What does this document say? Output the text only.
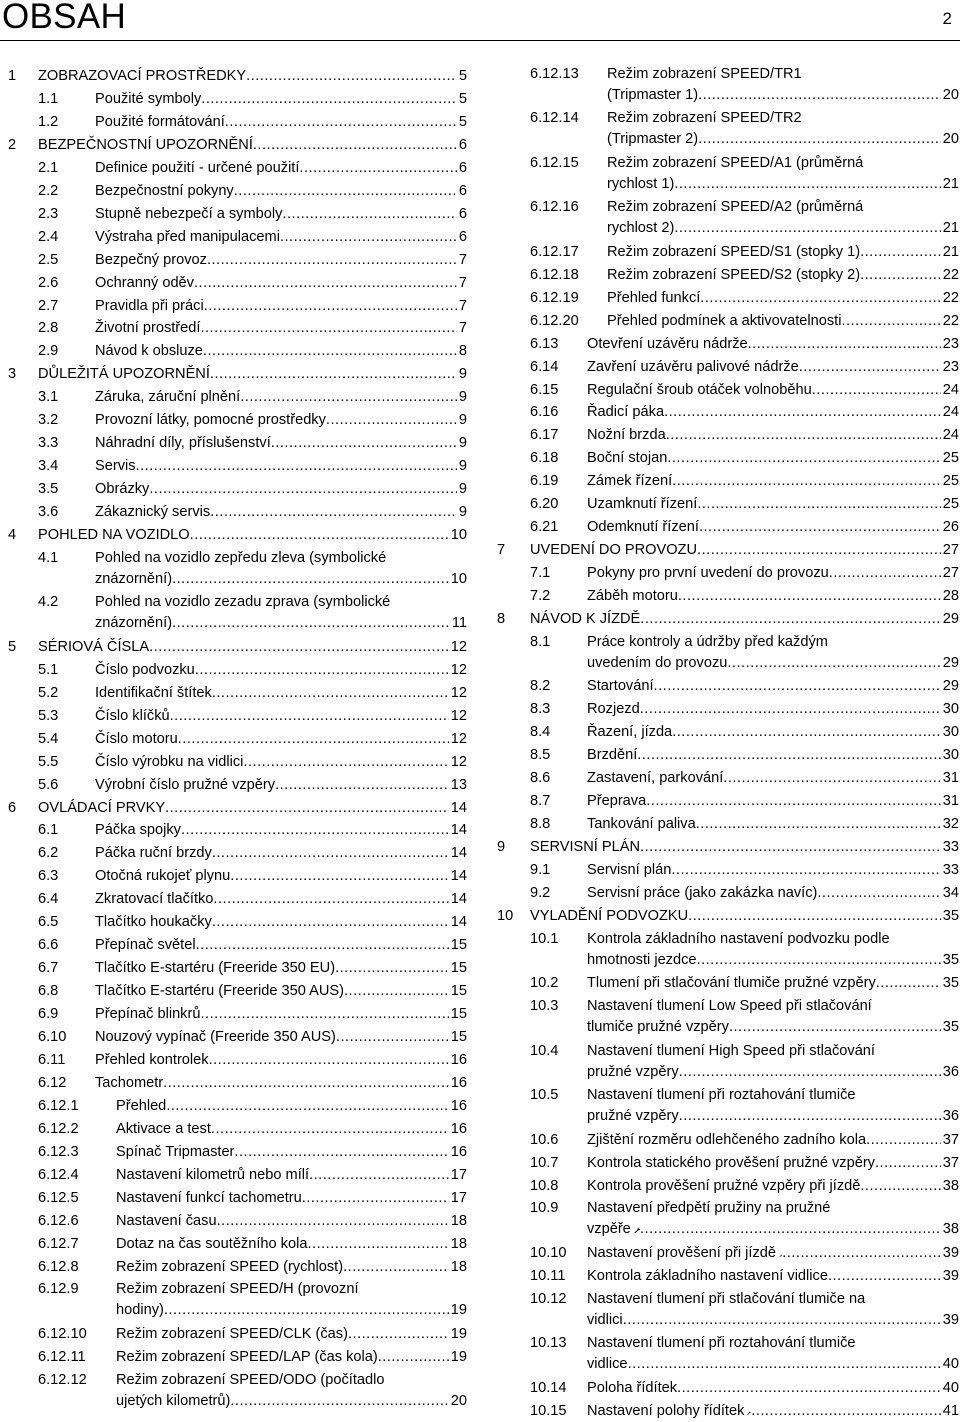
OBSAH	2
1 ZOBRAZOVACÍ PROSTŘEDKY .....	5
1.1	Použité symboly .....	5
1.2	Použité formátování .....	5
2 BEZPEČNOSTNÍ UPOZORNĚNÍ .....	6
2.1	Definice použití - určené použití .....	6
2.2	Bezpečnostní pokyny .....	6
2.3	Stupně nebezpečí a symboly .....	6
2.4	Výstraha před manipulacemi .....	6
2.5	Bezpečný provoz .....	7
2.6	Ochranný oděv .....	7
2.7	Pravidla při práci .....	7
2.8	Životní prostředí .....	7
2.9	Návod k obsluze .....	8
3 DŮLEŽITÁ UPOZORNĚNÍ .....	9
3.1	Záruka, záruční plnění .....	9
3.2	Provozní látky, pomocné prostředky .....	9
3.3	Náhradní díly, příslušenství .....	9
3.4	Servis .....	9
3.5	Obrázky .....	9
3.6	Zákaznický servis .....	9
4 POHLED NA VOZIDLO .....	10
4.1	Pohled na vozidlo zepředu zleva (symbolické
znázornění) .....	10
4.2	Pohled na vozidlo zezadu zprava (symbolické
znázornění) .....	11
5 SÉRIOVÁ ČÍSLA .....	12
5.1	Číslo podvozku .....	12
5.2	Identifikační štítek .....	12
5.3	Číslo klíčků .....	12
5.4	Číslo motoru .....	12
5.5	Číslo výrobku na vidlici .....	12
5.6	Výrobní číslo pružné vzpěry .....	13
6 OVLÁDACÍ PRVKY .....	14
6.1	Páčka spojky .....	14
6.2	Páčka ruční brzdy .....	14
6.3	Otočná rukojeť plynu .....	14
6.4	Zkratovací tlačítko .....	14
6.5	Tlačítko houkačky .....	14
6.6	Přepínač světel .....	15
6.7	Tlačítko E-startéru (Freeride 350 EU) .....	15
6.8	Tlačítko E-startéru (Freeride 350 AUS) .....	15
6.9	Přepínač blinkrů .....	15
6.10 Nouzový vypínač (Freeride 350 AUS) .....	15
6.11 Přehled kontrolek .....	16
6.12 Tachometr .....	16
6.12.1	Přehled .....	16
6.12.2	Aktivace a test .....	16
6.12.3	Spínač Tripmaster .....	16
6.12.4	Nastavení kilometrů nebo mílí .....	17
6.12.5	Nastavení funkcí tachometru .....	17
6.12.6	Nastavení času .....	18
6.12.7	Dotaz na čas soutěžního kola .....	18
6.12.8	Režim zobrazení SPEED (rychlost) .....	18
6.12.9	Režim zobrazení SPEED/H (provozní
hodiny) .....	19
6.12.10 Režim zobrazení SPEED/CLK (čas) .....	19
6.12.11 Režim zobrazení SPEED/LAP (čas kola) .....	19
6.12.12 Režim zobrazení SPEED/ODO (počítadlo
ujetých kilometrů) .....	20
6.12.13 Režim zobrazení SPEED/TR1
(Tripmaster 1) .....	20
6.12.14 Režim zobrazení SPEED/TR2
(Tripmaster 2) .....	20
6.12.15 Režim zobrazení SPEED/A1 (průměrná
rychlost 1) .....	21
6.12.16 Režim zobrazení SPEED/A2 (průměrná
rychlost 2) .....	21
6.12.17 Režim zobrazení SPEED/S1 (stopky 1) .....	21
6.12.18 Režim zobrazení SPEED/S2 (stopky 2) .....	22
6.12.19 Přehled funkcí .....	22
6.12.20 Přehled podmínek a aktivovatelnosti .....	22
6.13 Otevření uzávěru nádrže .....	23
6.14 Zavření uzávěru palivové nádrže .....	23
6.15 Regulační šroub otáček volnoběhu .....	24
6.16 Řadicí páka .....	24
6.17 Nožní brzda .....	24
6.18 Boční stojan .....	25
6.19 Zámek řízení .....	25
6.20 Uzamknutí řízení .....	25
6.21 Odemknutí řízení .....	26
7 UVEDENÍ DO PROVOZU .....	27
7.1	Pokyny pro první uvedení do provozu .....	27
7.2	Záběh motoru .....	28
8 NÁVOD K JÍZDĚ .....	29
8.1	Práce kontroly a údržby před každým
uvedením do provozu .....	29
8.2	Startování .....	29
8.3	Rozjezd .....	30
8.4	Řazení, jízda .....	30
8.5	Brzdění .....	30
8.6	Zastavení, parkování .....	31
8.7	Přeprava .....	31
8.8	Tankování paliva .....	32
9 SERVISNÍ PLÁN .....	33
9.1	Servisní plán .....	33
9.2	Servisní práce (jako zakázka navíc) .....	34
10 VYLADĚNÍ PODVOZKU .....	35
10.1 Kontrola základního nastavení podvozku podle
hmotnosti jezdce .....	35
10.2 Tlumení při stlačování tlumiče pružné vzpěry .....	35
10.3 Nastavení tlumení Low Speed při stlačování
tlumiče pružné vzpěry .....	35
10.4 Nastavení tlumení High Speed při stlačování
pružné vzpěry .....	36
10.5 Nastavení tlumení při roztahování tlumiče
pružné vzpěry .....	36
10.6 Zjištění rozměru odlehčeného zadního kola .....	37
10.7 Kontrola statického prověšení pružné vzpěry .....	37
10.8 Kontrola prověšení pružné vzpěry při jízdě .....	38
10.9 Nastavení předpětí pružiny na pružné
vzpěře .....	38
10.10 Nastavení prověšení při jízdě .....	39
10.11 Kontrola základního nastavení vidlice .....	39
10.12 Nastavení tlumení při stlačování tlumiče na
vidlici .....	39
10.13 Nastavení tlumení při roztahování tlumiče
vidlice .....	40
10.14 Poloha řídítek .....	40
10.15 Nastavení polohy řídítek .....	41
